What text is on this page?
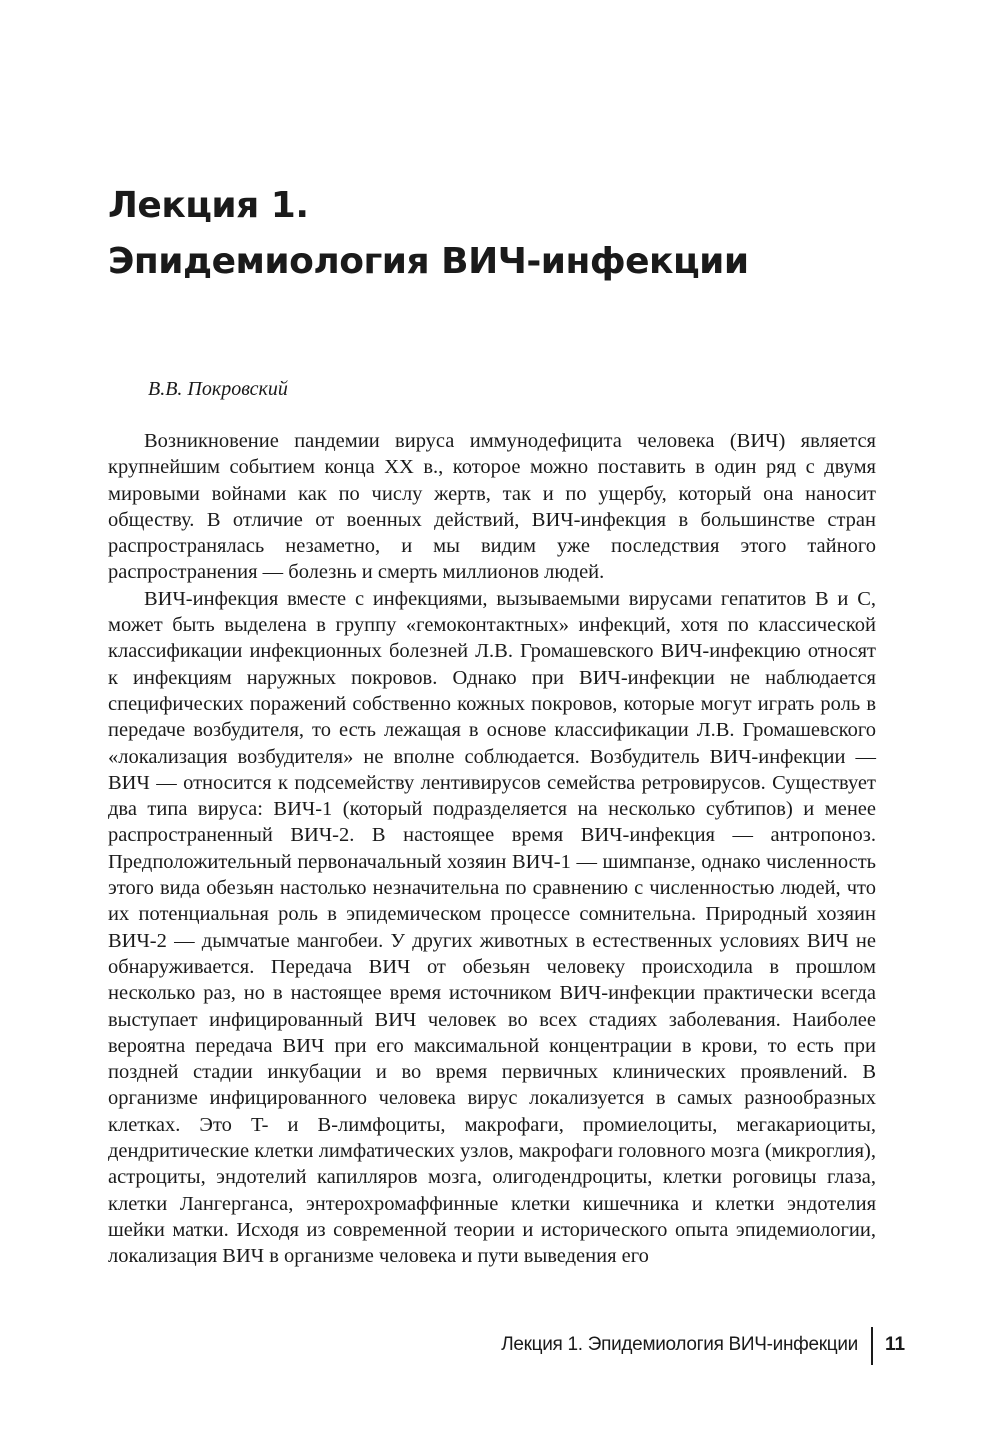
Лекция 1.
Эпидемиология ВИЧ-инфекции
В.В. Покровский

Возникновение пандемии вируса иммунодефицита человека (ВИЧ) является крупнейшим событием конца XX в., которое можно поставить в один ряд с двумя мировыми войнами как по числу жертв, так и по ущербу, который она наносит обществу. В отличие от военных действий, ВИЧ-инфекция в большинстве стран распространялась незаметно, и мы видим уже последствия этого тайного распространения — болезнь и смерть миллионов людей.

ВИЧ-инфекция вместе с инфекциями, вызываемыми вирусами гепатитов B и C, может быть выделена в группу «гемоконтактных» инфекций, хотя по классической классификации инфекционных болезней Л.В. Громашевского ВИЧ-инфекцию относят к инфекциям наружных покровов. Однако при ВИЧ-инфекции не наблюдается специфических поражений собственно кожных покровов, которые могут играть роль в передаче возбудителя, то есть лежащая в основе классификации Л.В. Громашевского «локализация возбудителя» не вполне соблюдается. Возбудитель ВИЧ-инфекции — ВИЧ — относится к подсемейству лентивирусов семейства ретровирусов. Существует два типа вируса: ВИЧ-1 (который подразделяется на несколько субтипов) и менее распространенный ВИЧ-2. В настоящее время ВИЧ-инфекция — антропоноз. Предположительный первоначальный хозяин ВИЧ-1 — шимпанзе, однако численность этого вида обезьян настолько незначительна по сравнению с численностью людей, что их потенциальная роль в эпидемическом процессе сомнительна. Природный хозяин ВИЧ-2 — дымчатые мангобеи. У других животных в естественных условиях ВИЧ не обнаруживается. Передача ВИЧ от обезьян человеку происходила в прошлом несколько раз, но в настоящее время источником ВИЧ-инфекции практически всегда выступает инфицированный ВИЧ человек во всех стадиях заболевания. Наиболее вероятна передача ВИЧ при его максимальной концентрации в крови, то есть при поздней стадии инкубации и во время первичных клинических проявлений. В организме инфицированного человека вирус локализуется в самых разнообразных клетках. Это T- и B-лимфоциты, макрофаги, промиелоциты, мегакариоциты, дендритические клетки лимфатических узлов, макрофаги головного мозга (микроглия), астроциты, эндотелий капилляров мозга, олигодендроциты, клетки роговицы глаза, клетки Лангерганса, энтерохромаффинные клетки кишечника и клетки эндотелия шейки матки. Исходя из современной теории и исторического опыта эпидемиологии, локализация ВИЧ в организме человека и пути выведения его

Лекция 1. Эпидемиология ВИЧ-инфекции 11
